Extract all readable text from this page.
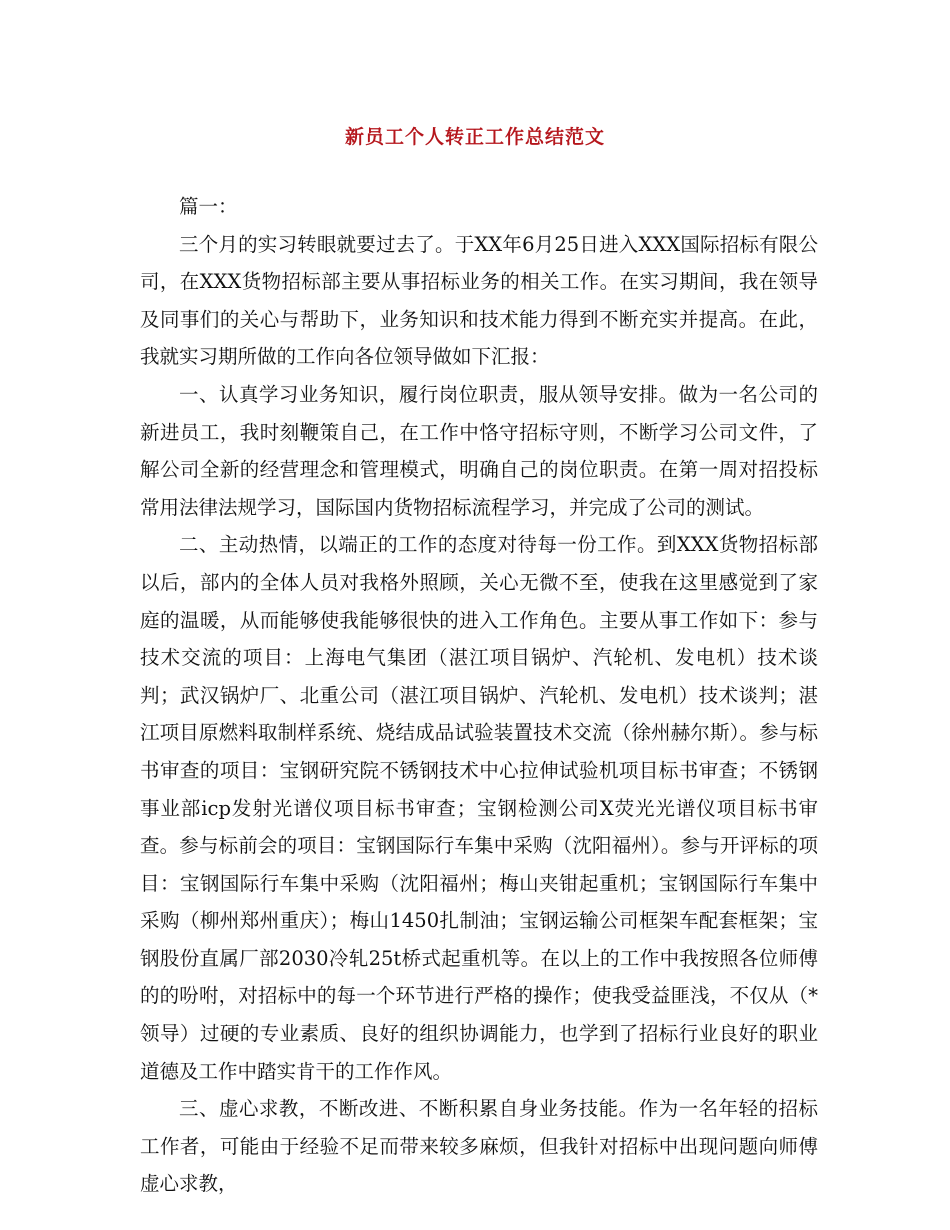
新员工个人转正工作总结范文

篇一：

三个月的实习转眼就要过去了。于XX年6月25日进入XXX国际招标有限公司，在XXX货物招标部主要从事招标业务的相关工作。在实习期间，我在领导及同事们的关心与帮助下，业务知识和技术能力得到不断充实并提高。在此，我就实习期所做的工作向各位领导做如下汇报：

一、认真学习业务知识，履行岗位职责，服从领导安排。做为一名公司的新进员工，我时刻鞭策自己，在工作中恪守招标守则，不断学习公司文件，了解公司全新的经营理念和管理模式，明确自己的岗位职责。在第一周对招投标常用法律法规学习，国际国内货物招标流程学习，并完成了公司的测试。

二、主动热情，以端正的工作的态度对待每一份工作。到XXX货物招标部以后，部内的全体人员对我格外照顾，关心无微不至，使我在这里感觉到了家庭的温暖，从而能够使我能够很快的进入工作角色。主要从事工作如下：参与技术交流的项目：上海电气集团（湛江项目锅炉、汽轮机、发电机）技术谈判；武汉锅炉厂、北重公司（湛江项目锅炉、汽轮机、发电机）技术谈判；湛江项目原燃料取制样系统、烧结成品试验装置技术交流（徐州赫尔斯）。参与标书审查的项目：宝钢研究院不锈钢技术中心拉伸试验机项目标书审查；不锈钢事业部icp发射光谱仪项目标书审查；宝钢检测公司X荧光光谱仪项目标书审查。参与标前会的项目：宝钢国际行车集中采购（沈阳福州）。参与开评标的项目：宝钢国际行车集中采购（沈阳福州；梅山夹钳起重机；宝钢国际行车集中采购（柳州郑州重庆）；梅山1450扎制油；宝钢运输公司框架车配套框架；宝钢股份直属厂部2030冷轧25t桥式起重机等。在以上的工作中我按照各位师傅的的吩咐，对招标中的每一个环节进行严格的操作；使我受益匪浅，不仅从（*领导）过硬的专业素质、良好的组织协调能力，也学到了招标行业良好的职业道德及工作中踏实肯干的工作作风。

三、虚心求教，不断改进、不断积累自身业务技能。作为一名年轻的招标工作者，可能由于经验不足而带来较多麻烦，但我针对招标中出现问题向师傅虚心求教，
